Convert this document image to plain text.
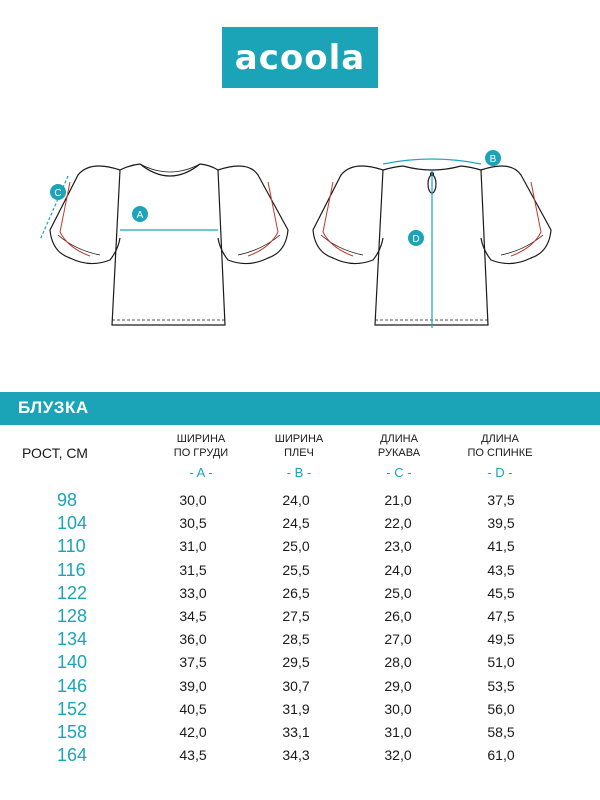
acoola
A
C
B
D
БЛУЗКА
РОСТ, СМ
ШИРИНА
ПО ГРУДИ
- A -
ШИРИНА
ПЛЕЧ
- B -
ДЛИНА
РУКАВА
- C -
ДЛИНА
ПО СПИНКЕ
- D -
98	30,0	24,0	21,0	37,5
104	30,5	24,5	22,0	39,5
110	31,0	25,0	23,0	41,5
116	31,5	25,5	24,0	43,5
122	33,0	26,5	25,0	45,5
128	34,5	27,5	26,0	47,5
134	36,0	28,5	27,0	49,5
140	37,5	29,5	28,0	51,0
146	39,0	30,7	29,0	53,5
152	40,5	31,9	30,0	56,0
158	42,0	33,1	31,0	58,5
164	43,5	34,3	32,0	61,0
